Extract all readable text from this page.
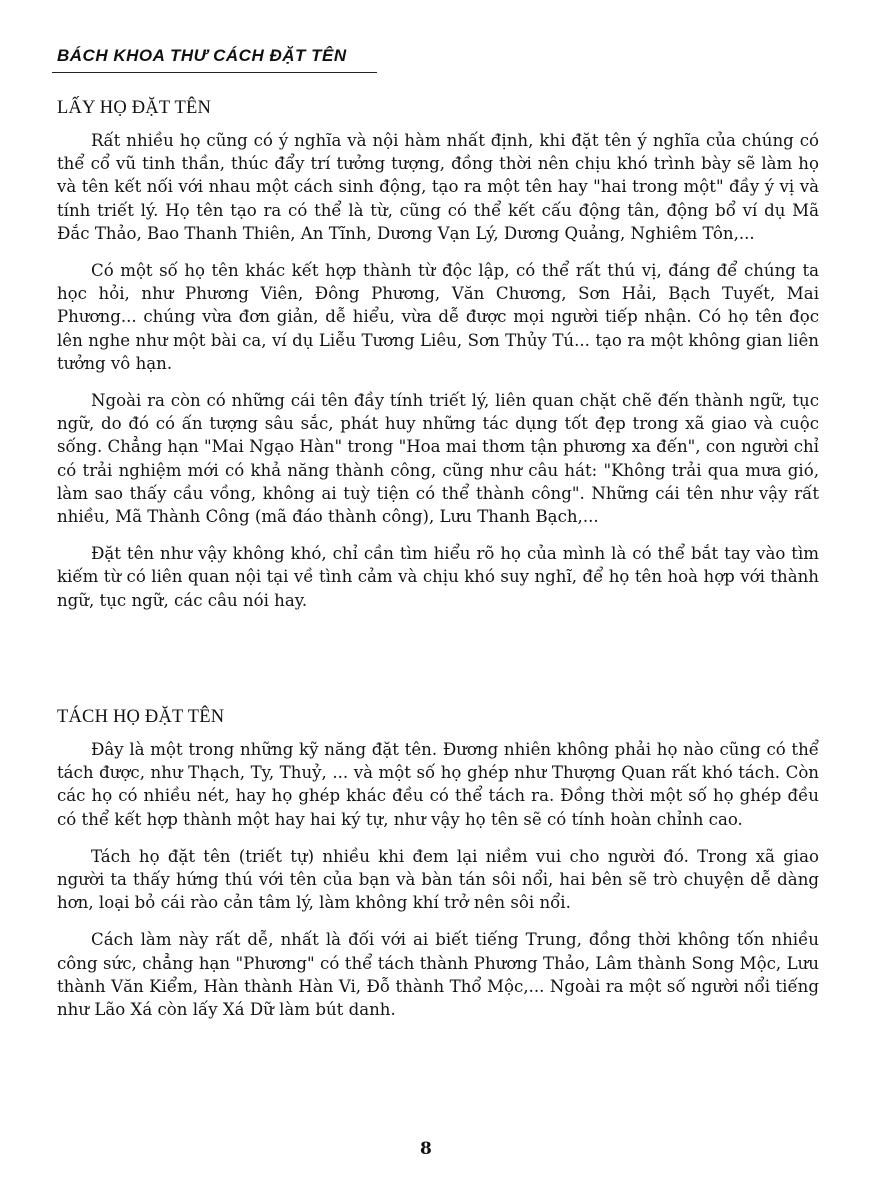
BÁCH KHOA THƯ CÁCH ĐẶT TÊN
LẤY HỌ ĐẶT TÊN

Rất nhiều họ cũng có ý nghĩa và nội hàm nhất định, khi đặt tên ý nghĩa của chúng có thể cổ vũ tinh thần, thúc đẩy trí tưởng tượng, đồng thời nên chịu khó trình bày sẽ làm họ và tên kết nối với nhau một cách sinh động, tạo ra một tên hay "hai trong một" đầy ý vị và tính triết lý. Họ tên tạo ra có thể là từ, cũng có thể kết cấu động tân, động bổ ví dụ Mã Đắc Thảo, Bao Thanh Thiên, An Tĩnh, Dương Vạn Lý, Dương Quảng, Nghiêm Tôn,...

Có một số họ tên khác kết hợp thành từ độc lập, có thể rất thú vị, đáng để chúng ta học hỏi, như Phương Viên, Đông Phương, Văn Chương, Sơn Hải, Bạch Tuyết, Mai Phương... chúng vừa đơn giản, dễ hiểu, vừa dễ được mọi người tiếp nhận. Có họ tên đọc lên nghe như một bài ca, ví dụ Liễu Tương Liêu, Sơn Thủy Tú... tạo ra một không gian liên tưởng vô hạn.

Ngoài ra còn có những cái tên đầy tính triết lý, liên quan chặt chẽ đến thành ngữ, tục ngữ, do đó có ấn tượng sâu sắc, phát huy những tác dụng tốt đẹp trong xã giao và cuộc sống. Chẳng hạn "Mai Ngạo Hàn" trong "Hoa mai thơm tận phương xa đến", con người chỉ có trải nghiệm mới có khả năng thành công, cũng như câu hát: "Không trải qua mưa gió, làm sao thấy cầu vồng, không ai tuỳ tiện có thể thành công". Những cái tên như vậy rất nhiều, Mã Thành Công (mã đáo thành công), Lưu Thanh Bạch,...

Đặt tên như vậy không khó, chỉ cần tìm hiểu rõ họ của mình là có thể bắt tay vào tìm kiếm từ có liên quan nội tại về tình cảm và chịu khó suy nghĩ, để họ tên hoà hợp với thành ngữ, tục ngữ, các câu nói hay.

TÁCH HỌ ĐẶT TÊN

Đây là một trong những kỹ năng đặt tên. Đương nhiên không phải họ nào cũng có thể tách được, như Thạch, Ty, Thuỷ, ... và một số họ ghép như Thượng Quan rất khó tách. Còn các họ có nhiều nét, hay họ ghép khác đều có thể tách ra. Đồng thời một số họ ghép đều có thể kết hợp thành một hay hai ký tự, như vậy họ tên sẽ có tính hoàn chỉnh cao.

Tách họ đặt tên (triết tự) nhiều khi đem lại niềm vui cho người đó. Trong xã giao người ta thấy hứng thú với tên của bạn và bàn tán sôi nổi, hai bên sẽ trò chuyện dễ dàng hơn, loại bỏ cái rào cản tâm lý, làm không khí trở nên sôi nổi.

Cách làm này rất dễ, nhất là đối với ai biết tiếng Trung, đồng thời không tốn nhiều công sức, chẳng hạn "Phương" có thể tách thành Phương Thảo, Lâm thành Song Mộc, Lưu thành Văn Kiểm, Hàn thành Hàn Vi, Đỗ thành Thổ Mộc,... Ngoài ra một số người nổi tiếng như Lão Xá còn lấy Xá Dữ làm bút danh.

8
